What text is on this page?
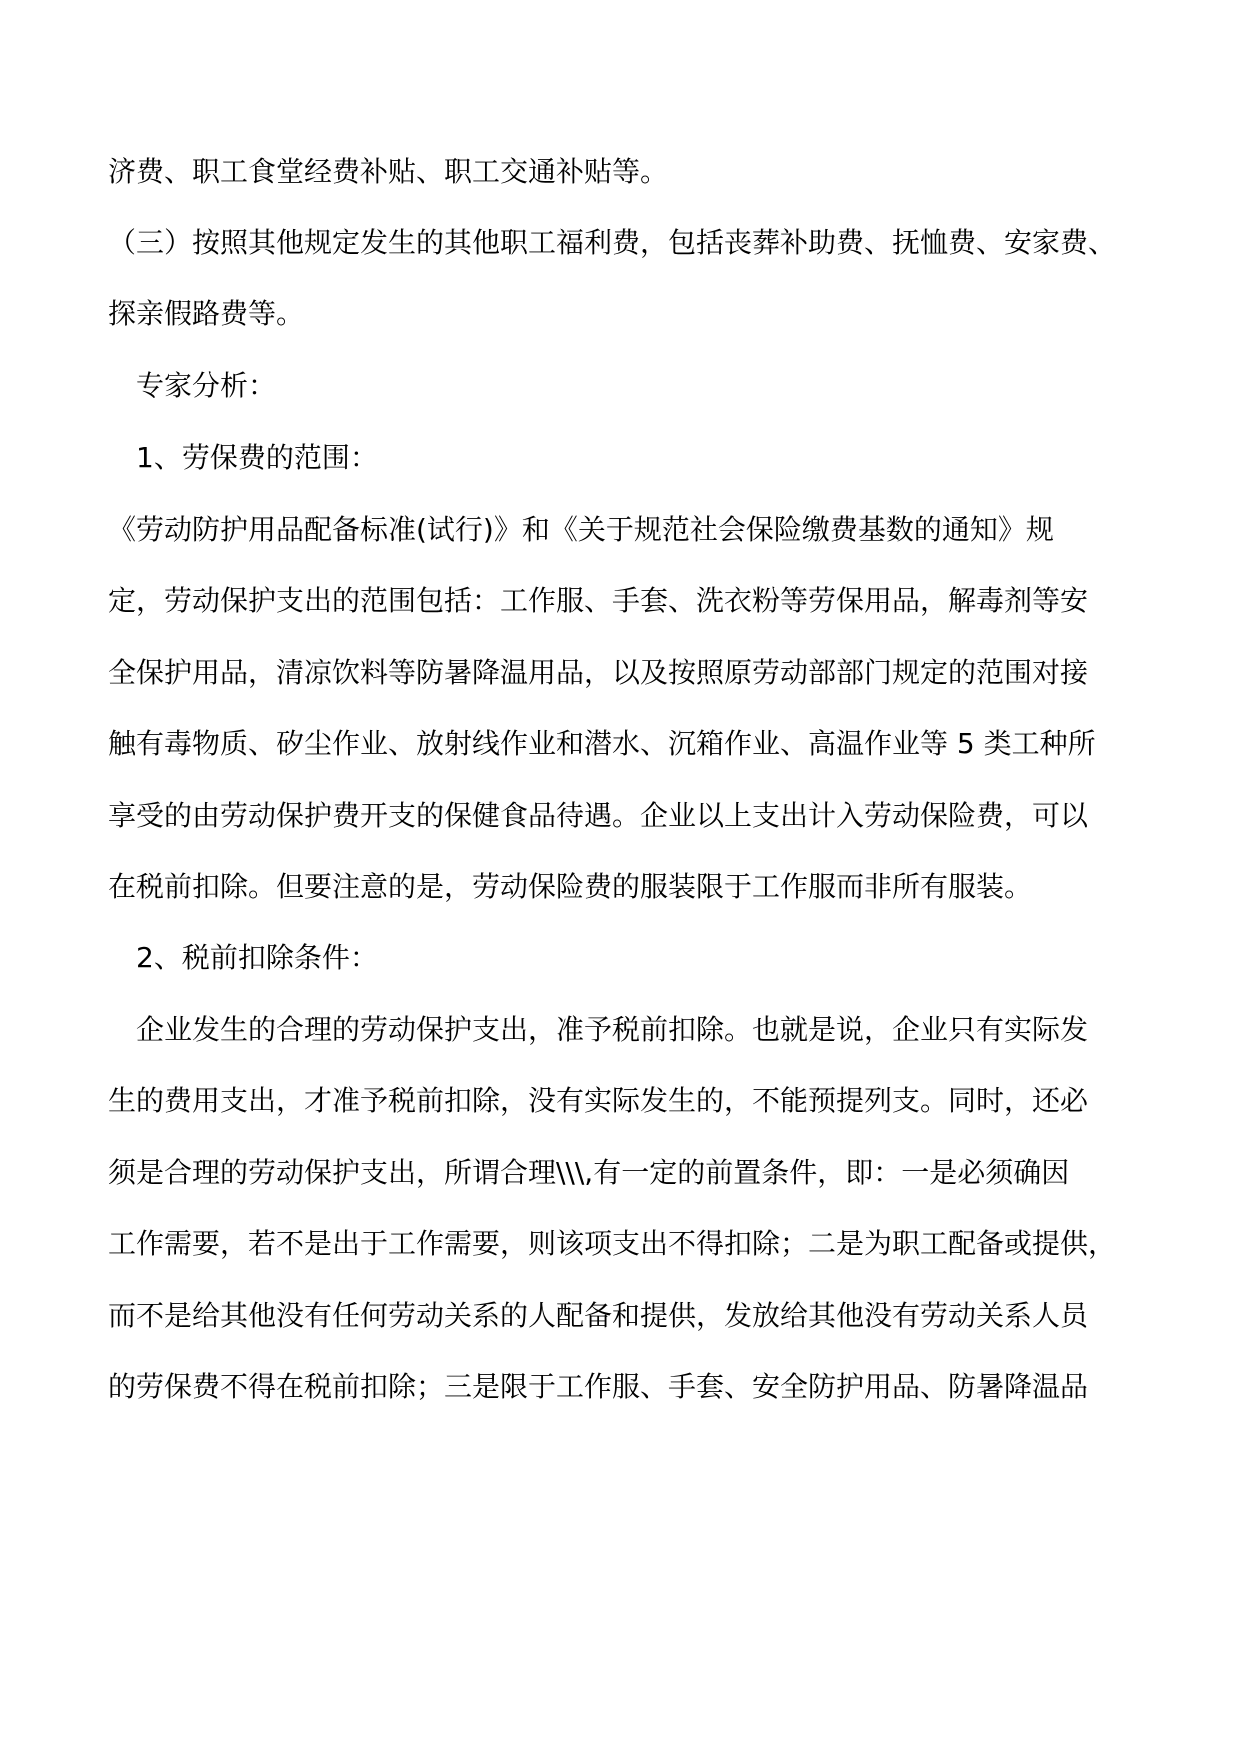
济费、职工食堂经费补贴、职工交通补贴等。
（三）按照其他规定发生的其他职工福利费，包括丧葬补助费、抚恤费、安家费、
探亲假路费等。
专家分析：
1、劳保费的范围：
《劳动防护用品配备标准(试行)》和《关于规范社会保险缴费基数的通知》规
定，劳动保护支出的范围包括：工作服、手套、洗衣粉等劳保用品，解毒剂等安
全保护用品，清凉饮料等防暑降温用品，以及按照原劳动部部门规定的范围对接
触有毒物质、矽尘作业、放射线作业和潜水、沉箱作业、高温作业等 5 类工种所
享受的由劳动保护费开支的保健食品待遇。企业以上支出计入劳动保险费，可以
在税前扣除。但要注意的是，劳动保险费的服装限于工作服而非所有服装。
2、税前扣除条件：
企业发生的合理的劳动保护支出，准予税前扣除。也就是说，企业只有实际发
生的费用支出，才准予税前扣除，没有实际发生的，不能预提列支。同时，还必
须是合理的劳动保护支出，所谓合理\\\,有一定的前置条件，即：一是必须确因
工作需要，若不是出于工作需要，则该项支出不得扣除；二是为职工配备或提供，
而不是给其他没有任何劳动关系的人配备和提供，发放给其他没有劳动关系人员
的劳保费不得在税前扣除；三是限于工作服、手套、安全防护用品、防暑降温品
